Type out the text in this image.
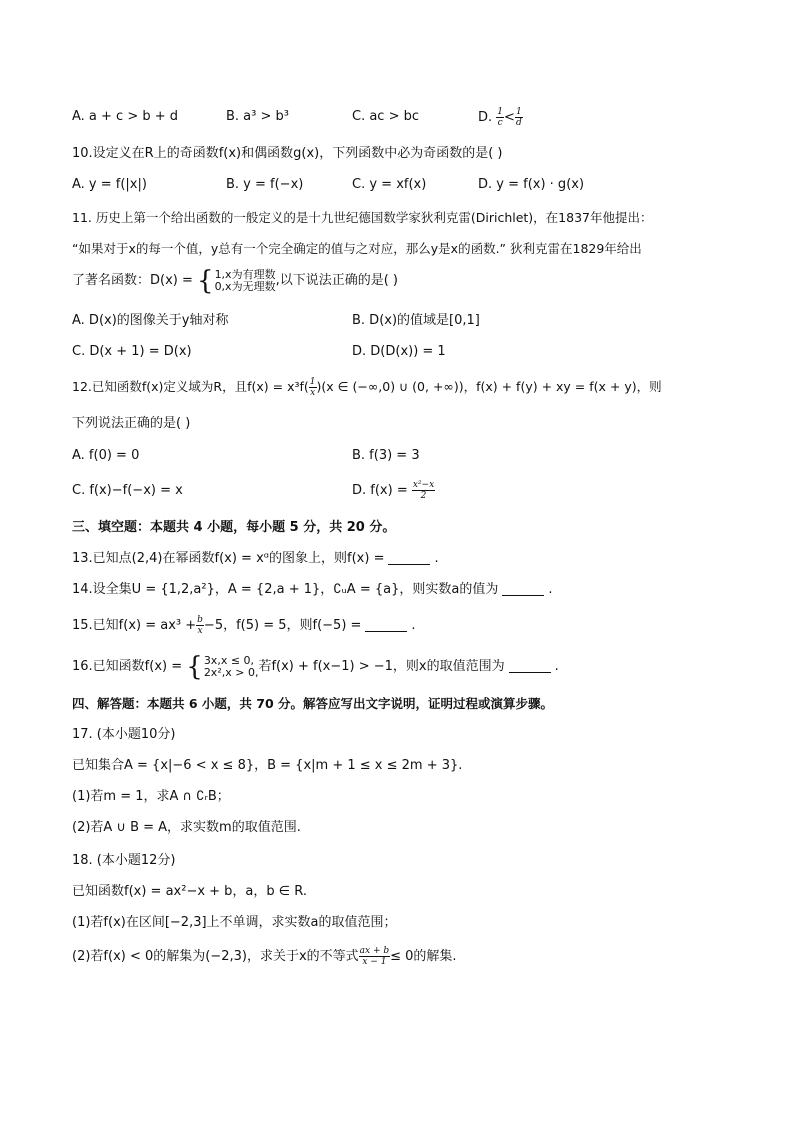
A. a + c > b + d	B. a³ > b³	C. ac > bc	D. $\frac{1}{c} < \frac{1}{d}$
10.设定义在R上的奇函数f(x)和偶函数g(x)，下列函数中必为奇函数的是( )
A. y = f(|x|)	B. y = f(−x)	C. y = xf(x)	D. y = f(x) · g(x)
11. 历史上第一个给出函数的一般定义的是十九世纪德国数学家狄利克雷(Dirichlet)，在1837年他提出：
“如果对于x的每一个值，y总有一个完全确定的值与之对应，那么y是x的函数.” 狄利克雷在1829年给出
了著名函数：D(x) = { 1,x为有理数
0,x为无理数 ,以下说法正确的是( )
A. D(x)的图像关于y轴对称	B. D(x)的值域是[0,1]
C. D(x + 1) = D(x)	D. D(D(x)) = 1
12.已知函数f(x)定义域为R，且$f(x) = x^3f( \frac{1}{x} )(x$ ∈ (−∞,0) ∪ (0, +∞))，f(x) + f(y) + xy = f(x + y)，则
下列说法正确的是( )
A. f(0) = 0	B. f(3) = 3
C. f(x)−f(−x) = x	D. $f(x) = \frac{\text{x²−x}}{2}$
三、填空题：本题共 4 小题，每小题 5 分，共 20 分。
13.已知点(2,4)在幂函数f(x) = xᵅ的图象上，则f(x) =	.
14.设全集U = {1,2,a²}，A = {2,a + 1}，∁ᵤA = {a}，则实数a的值为	.
15.已知$f(x) = ax^3 + \frac{b}{x} -5$，f(5) = 5，则f(−5) =	.
16.已知函数f(x) = { 3x,x ≤ 0,
2x²,x > 0, 若f(x) + f(x−1) > −1，则x的取值范围为	.
四、解答题：本题共 6 小题，共 70 分。解答应写出文字说明，证明过程或演算步骤。
17. (本小题10分)
已知集合A = {x|−6 < x ≤ 8}，B = {x|m + 1 ≤ x ≤ 2m + 3}.
(1)若m = 1，求A ∩ ∁ᵣB；
(2)若A ∪ B = A，求实数m的取值范围.
18. (本小题12分)
已知函数f(x) = ax²−x + b，a，b ∈ R.
(1)若f(x)在区间[−2,3]上不单调，求实数a的取值范围；
(2)若f(x) < 0的解集为(−2,3)，求关于x的不等式 $\frac{ax + b}{x - 1} \le 0$的解集.
